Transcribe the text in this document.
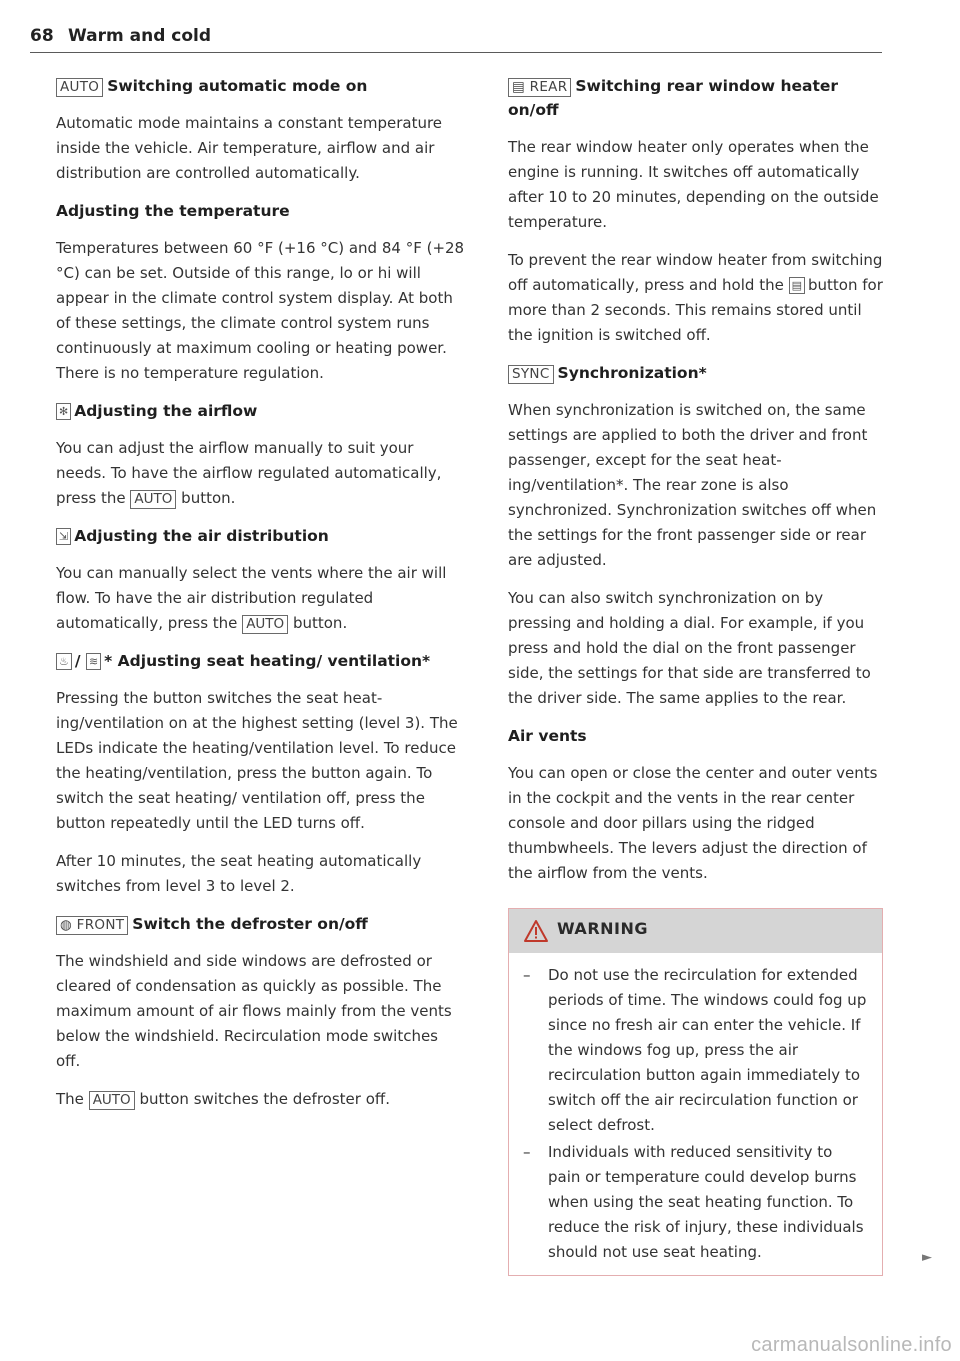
68 Warm and cold
AUTO Switching automatic mode on

Automatic mode maintains a constant temperature inside the vehicle. Air temperature, airflow and air distribution are controlled automatically.

Adjusting the temperature

Temperatures between 60 °F (+16 °C) and 84 °F (+28 °C) can be set. Outside of this range, lo or hi will appear in the climate control system display. At both of these settings, the climate control system runs continuously at maximum cooling or heating power. There is no temperature regulation.

✻ Adjusting the airflow

You can adjust the airflow manually to suit your needs. To have the airflow regulated automatically, press the AUTO button.

⇲ Adjusting the air distribution

You can manually select the vents where the air will flow. To have the air distribution regulated automatically, press the AUTO button.

♨ / ≋ * Adjusting seat heating/ ventilation*

Pressing the button switches the seat heating/ventilation on at the highest setting (level 3). The LEDs indicate the heating/ventilation level. To reduce the heating/ventilation, press the button again. To switch the seat heating/ ventilation off, press the button repeatedly until the LED turns off.

After 10 minutes, the seat heating automatically switches from level 3 to level 2.

◍ FRONT Switch the defroster on/off

The windshield and side windows are defrosted or cleared of condensation as quickly as possible. The maximum amount of air flows mainly from the vents below the windshield. Recirculation mode switches off.

The AUTO button switches the defroster off.

▤ REAR Switching rear window heater on/off

The rear window heater only operates when the engine is running. It switches off automatically after 10 to 20 minutes, depending on the outside temperature.

To prevent the rear window heater from switching off automatically, press and hold the ▤ button for more than 2 seconds. This remains stored until the ignition is switched off.

SYNC Synchronization*

When synchronization is switched on, the same settings are applied to both the driver and front passenger, except for the seat heating/ventilation*. The rear zone is also synchronized. Synchronization switches off when the settings for the front passenger side or rear are adjusted.

You can also switch synchronization on by pressing and holding a dial. For example, if you press and hold the dial on the front passenger side, the settings for that side are transferred to the driver side. The same applies to the rear.

Air vents

You can open or close the center and outer vents in the cockpit and the vents in the rear center console and door pillars using the ridged thumbwheels. The levers adjust the direction of the airflow from the vents.

WARNING
– Do not use the recirculation for extended periods of time. The windows could fog up since no fresh air can enter the vehicle. If the windows fog up, press the air recirculation button again immediately to switch off the air recirculation function or select defrost.
– Individuals with reduced sensitivity to pain or temperature could develop burns when using the seat heating function. To reduce the risk of injury, these individuals should not use seat heating.	►
carmanualsonline.info
